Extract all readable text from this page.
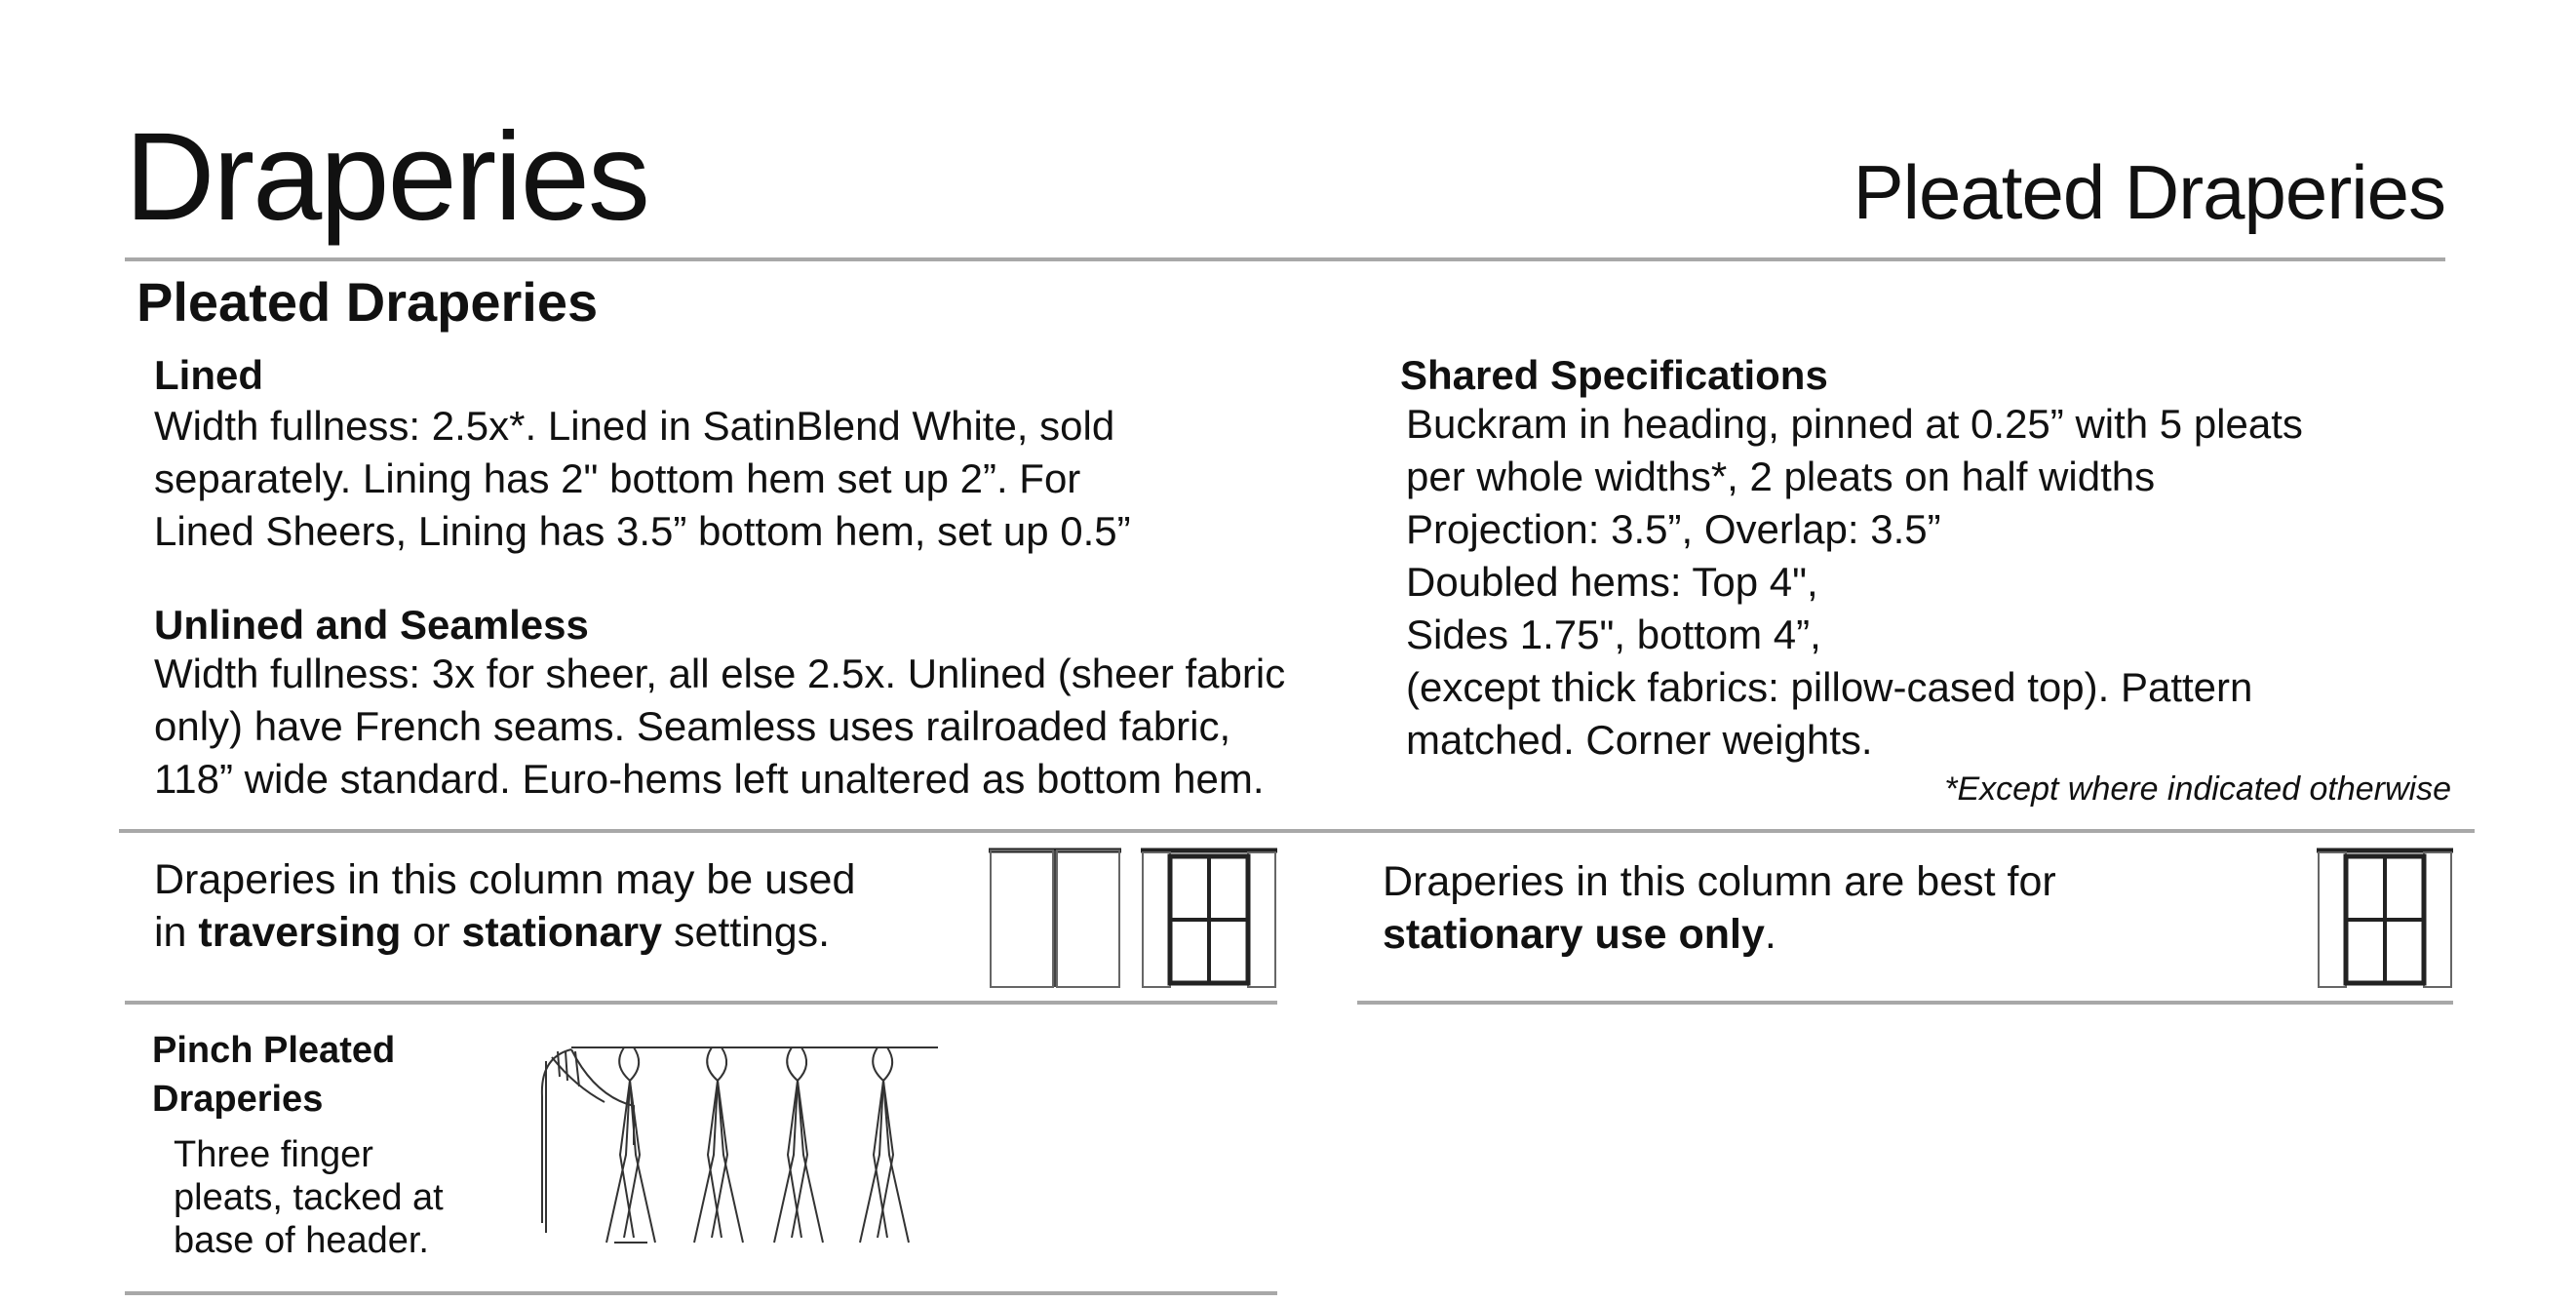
Draperies	Pleated Draperies
Pleated Draperies
Lined
Width fullness: 2.5x*. Lined in SatinBlend White, sold
separately. Lining has 2" bottom hem set up 2”. For
Lined Sheers, Lining has 3.5” bottom hem, set up 0.5”
Unlined and Seamless
Width fullness: 3x for sheer, all else 2.5x. Unlined (sheer fabric
only) have French seams. Seamless uses railroaded fabric,
118” wide standard. Euro-hems left unaltered as bottom hem.
Shared Specifications
Buckram in heading, pinned at 0.25” with 5 pleats
per whole widths*, 2 pleats on half widths
Projection: 3.5”, Overlap: 3.5”
Doubled hems: Top 4",
Sides 1.75", bottom 4”,
(except thick fabrics: pillow-cased top). Pattern
matched. Corner weights.
*Except where indicated otherwise
Draperies in this column may be used
in traversing or stationary settings.
Draperies in this column are best for
stationary use only.
Pinch Pleated
Draperies
Three finger
pleats, tacked at
base of header.
